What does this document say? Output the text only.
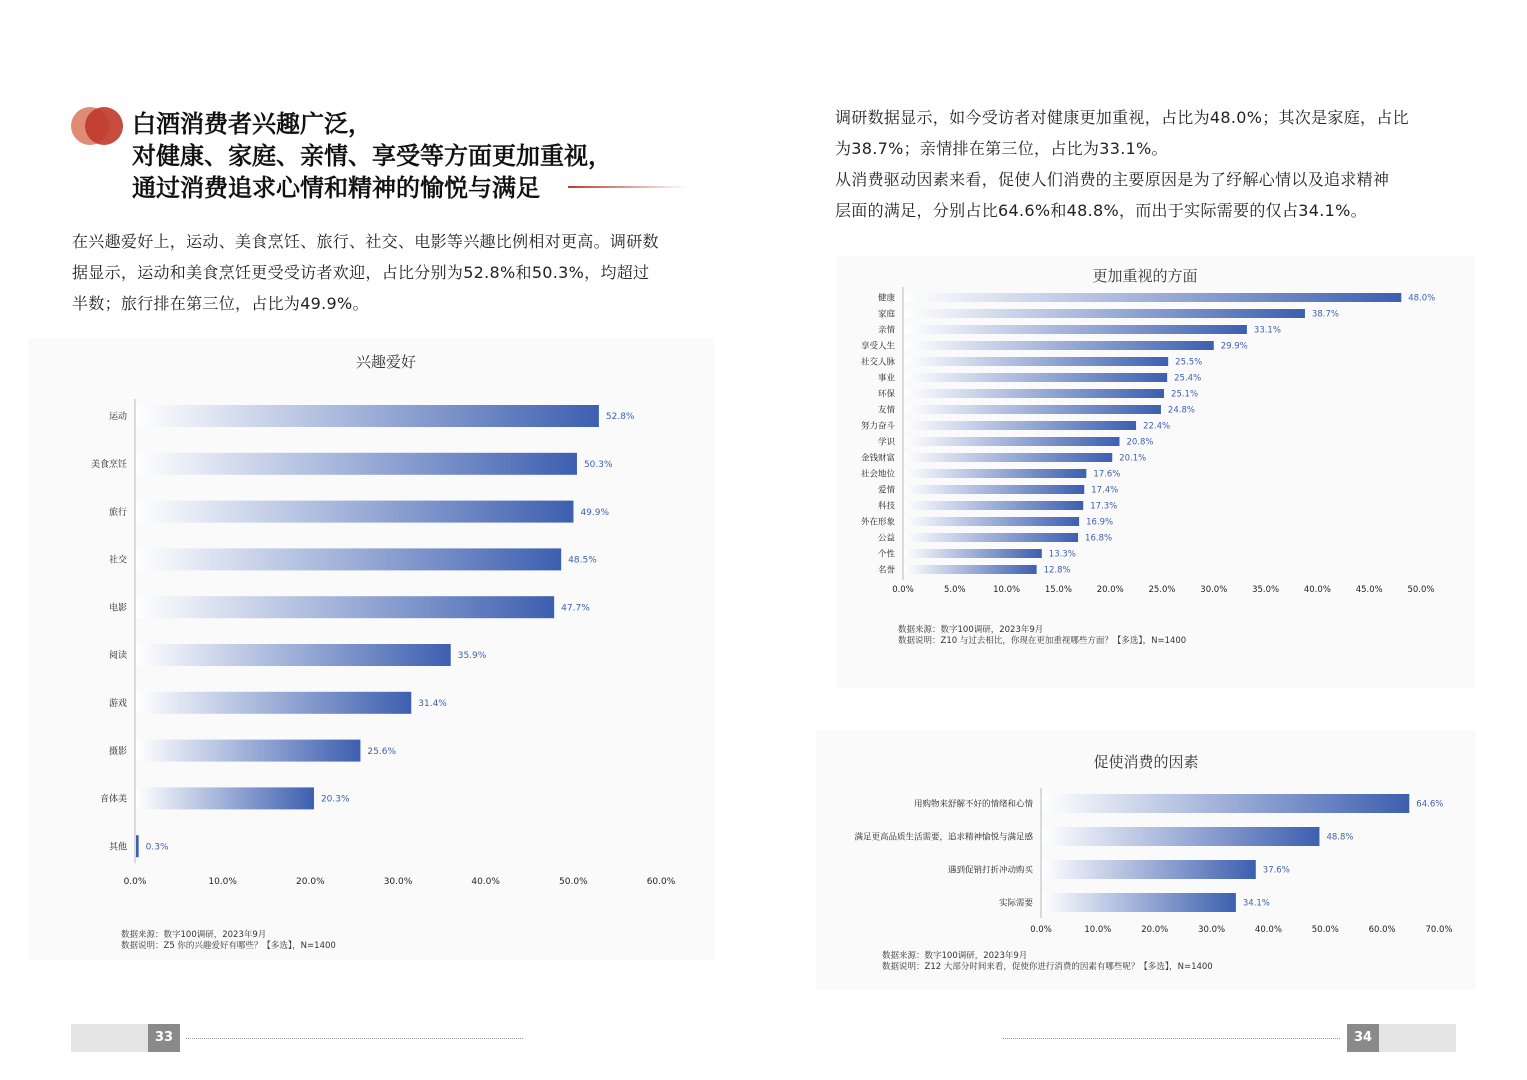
白酒消费者兴趣广泛，
对健康、家庭、亲情、享受等方面更加重视，
通过消费追求心情和精神的愉悦与满足

在兴趣爱好上，运动、美食烹饪、旅行、社交、电影等兴趣比例相对更高。调研数

据显示，运动和美食烹饪更受受访者欢迎，占比分别为52.8%和50.3%，均超过

半数；旅行排在第三位，占比为49.9%。

兴趣爱好
运动	52.8%
美食烹饪	50.3%
旅行	49.9%
社交	48.5%
电影	47.7%
阅读	35.9%
游戏	31.4%
摄影	25.6%
音体美	20.3%
其他 0.3%
0.0%	10.0%	20.0%	30.0%	40.0%	50.0%	60.0%
数据来源：数字100调研，2023年9月
数据说明：Z5 你的兴趣爱好有哪些？【多选】，N=1400
33

调研数据显示，如今受访者对健康更加重视，占比为48.0%；其次是家庭，占比

为38.7%；亲情排在第三位，占比为33.1%。

从消费驱动因素来看，促使人们消费的主要原因是为了纾解心情以及追求精神

层面的满足，分别占比64.6%和48.8%，而出于实际需要的仅占34.1%。

更加重视的方面
健康	48.0%
家庭	38.7%
亲情	33.1%
享受人生	29.9%
社交人脉	25.5%
事业	25.4%
环保	25.1%
友情	24.8%
努力奋斗	22.4%
学识	20.8%
金钱财富	20.1%
社会地位	17.6%
爱情	17.4%
科技	17.3%
外在形象	16.9%
公益	16.8%
个性	13.3%
名誉	12.8%
0.0%	5.0%	10.0%	15.0%	20.0%	25.0%	30.0%	35.0%	40.0%	45.0%	50.0%
数据来源：数字100调研，2023年9月
数据说明：Z10 与过去相比，你现在更加重视哪些方面？【多选】，N=1400
促使消费的因素
用购物来舒解不好的情绪和心情	64.6%
满足更高品质生活需要，追求精神愉悦与满足感	48.8%
遇到促销打折冲动购买	37.6%
实际需要	34.1%
0.0%	10.0%	20.0%	30.0%	40.0%	50.0%	60.0%	70.0%
数据来源：数字100调研，2023年9月
数据说明：Z12 大部分时间来看，促使你进行消费的因素有哪些呢？【多选】，N=1400
34
